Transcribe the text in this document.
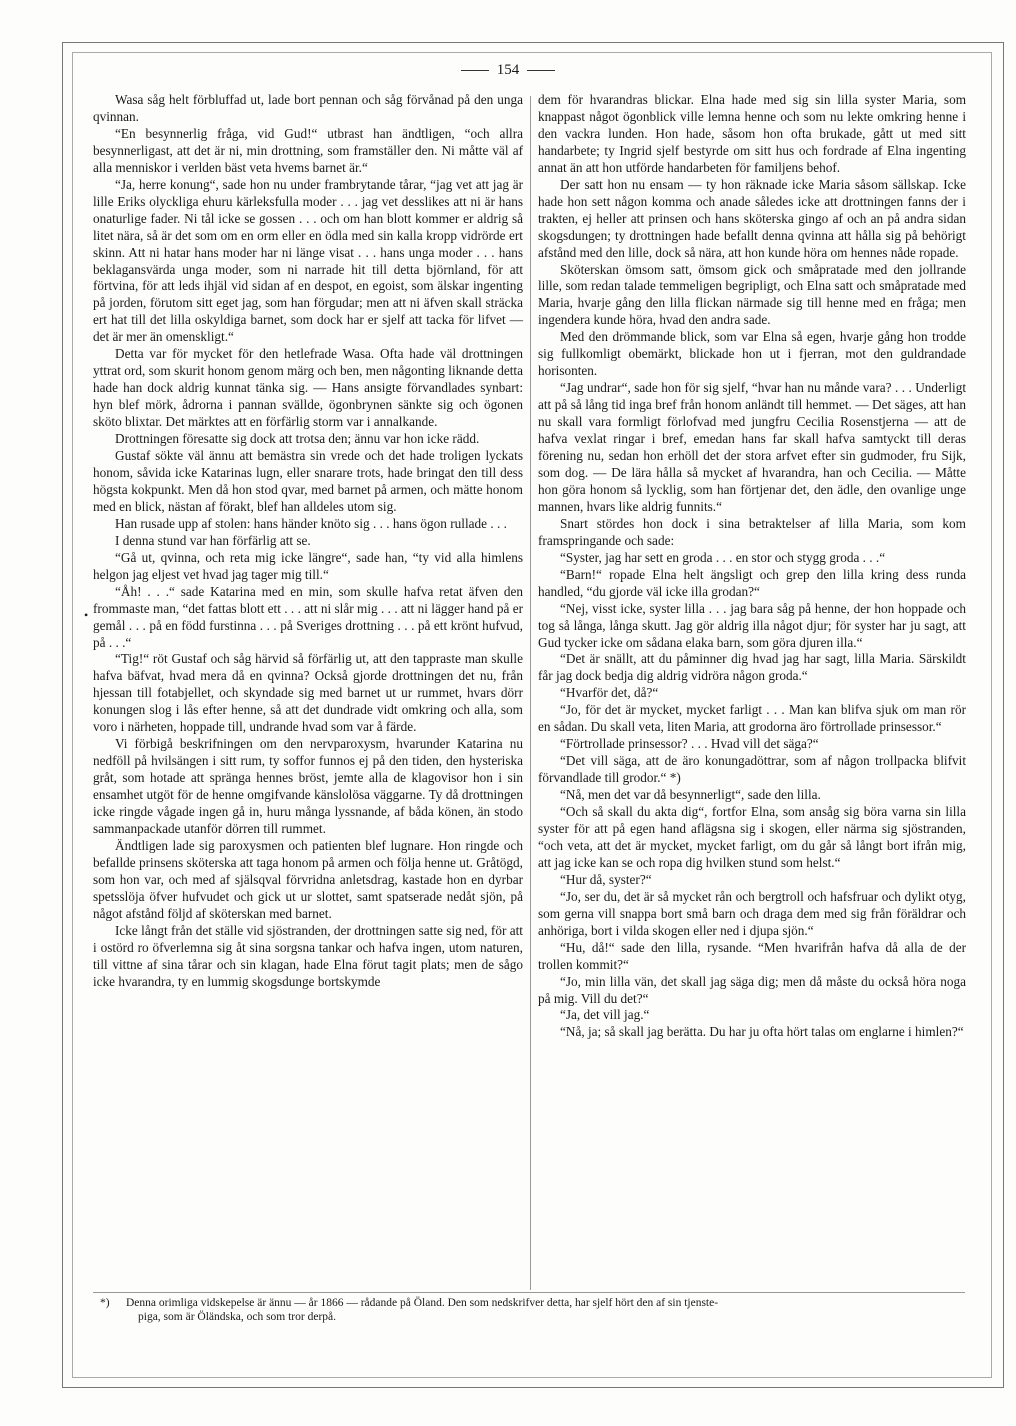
154

Wasa såg helt förbluffad ut, lade bort pennan och såg förvånad på den unga qvinnan.

“En besynnerlig fråga, vid Gud!“ utbrast han ändtligen, “och allra besynnerligast, att det är ni, min drottning, som framställer den. Ni måtte väl af alla menniskor i verlden bäst veta hvems barnet är.“

“Ja, herre konung“, sade hon nu under frambrytande tårar, “jag vet att jag är lille Eriks olyckliga ehuru kärleksfulla moder . . . jag vet desslikes att ni är hans onaturlige fader. Ni tål icke se gossen . . . och om han blott kommer er aldrig så litet nära, så är det som om en orm eller en ödla med sin kalla kropp vidrörde ert skinn. Att ni hatar hans moder har ni länge visat . . . hans unga moder . . . hans beklagansvärda unga moder, som ni narrade hit till detta björnland, för att förtvina, för att leds ihjäl vid sidan af en despot, en egoist, som älskar ingenting på jorden, förutom sitt eget jag, som han förgudar; men att ni äfven skall sträcka ert hat till det lilla oskyldiga barnet, som dock har er sjelf att tacka för lifvet — det är mer än omenskligt.“

Detta var för mycket för den hetlefrade Wasa. Ofta hade väl drottningen yttrat ord, som skurit honom genom märg och ben, men någonting liknande detta hade han dock aldrig kunnat tänka sig. — Hans ansigte förvandlades synbart: hyn blef mörk, ådrorna i pannan svällde, ögonbrynen sänkte sig och ögonen sköto blixtar. Det märktes att en förfärlig storm var i annalkande.

Drottningen föresatte sig dock att trotsa den; ännu var hon icke rädd.

Gustaf sökte väl ännu att bemästra sin vrede och det hade troligen lyckats honom, såvida icke Katarinas lugn, eller snarare trots, hade bringat den till dess högsta kokpunkt. Men då hon stod qvar, med barnet på armen, och mätte honom med en blick, nästan af förakt, blef han alldeles utom sig.

Han rusade upp af stolen: hans händer knöto sig . . . hans ögon rullade . . .

I denna stund var han förfärlig att se.

“Gå ut, qvinna, och reta mig icke längre“, sade han, “ty vid alla himlens helgon jag eljest vet hvad jag tager mig till.“

“Åh! . . .“ sade Katarina med en min, som skulle hafva retat äfven den frommaste man, “det fattas blott ett . . . att ni slår mig . . . att ni lägger hand på er gemål . . . på en född furstinna . . . på Sveriges drottning . . . på ett krönt hufvud, på . . .“

“Tig!“ röt Gustaf och såg härvid så förfärlig ut, att den tappraste man skulle hafva bäfvat, hvad mera då en qvinna? Också gjorde drottningen det nu, från hjessan till fotabjellet, och skyndade sig med barnet ut ur rummet, hvars dörr konungen slog i lås efter henne, så att det dundrade vidt omkring och alla, som voro i närheten, hoppade till, undrande hvad som var å färde.

Vi förbigå beskrifningen om den nervparoxysm, hvarunder Katarina nu nedföll på hvilsängen i sitt rum, ty soffor funnos ej på den tiden, den hysteriska gråt, som hotade att spränga hennes bröst, jemte alla de klagovisor hon i sin ensamhet utgöt för de henne omgifvande känslolösa väggarne. Ty då drottningen icke ringde vågade ingen gå in, huru många lyssnande, af båda könen, än stodo sammanpackade utanför dörren till rummet.

Ändtligen lade sig paroxysmen och patienten blef lugnare. Hon ringde och befallde prinsens sköterska att taga honom på armen och följa henne ut. Gråtögd, som hon var, och med af själsqval förvridna anletsdrag, kastade hon en dyrbar spetsslöja öfver hufvudet och gick ut ur slottet, samt spatserade nedåt sjön, på något afstånd följd af sköterskan med barnet.

Icke långt från det ställe vid sjöstranden, der drottningen satte sig ned, för att i ostörd ro öfverlemna sig åt sina sorgsna tankar och hafva ingen, utom naturen, till vittne af sina tårar och sin klagan, hade Elna förut tagit plats; men de sågo icke hvarandra, ty en lummig skogsdunge bortskymde

dem för hvarandras blickar. Elna hade med sig sin lilla syster Maria, som knappast något ögonblick ville lemna henne och som nu lekte omkring henne i den vackra lunden. Hon hade, såsom hon ofta brukade, gått ut med sitt handarbete; ty Ingrid sjelf bestyrde om sitt hus och fordrade af Elna ingenting annat än att hon utförde handarbeten för familjens behof.

Der satt hon nu ensam — ty hon räknade icke Maria såsom sällskap. Icke hade hon sett någon komma och anade således icke att drottningen fanns der i trakten, ej heller att prinsen och hans sköterska gingo af och an på andra sidan skogsdungen; ty drottningen hade befallt denna qvinna att hålla sig på behörigt afstånd med den lille, dock så nära, att hon kunde höra om hennes nåde ropade.

Sköterskan ömsom satt, ömsom gick och småpratade med den jollrande lille, som redan talade temmeligen begripligt, och Elna satt och småpratade med Maria, hvarje gång den lilla flickan närmade sig till henne med en fråga; men ingendera kunde höra, hvad den andra sade.

Med den drömmande blick, som var Elna så egen, hvarje gång hon trodde sig fullkomligt obemärkt, blickade hon ut i fjerran, mot den guldrandade horisonten.

“Jag undrar“, sade hon för sig sjelf, “hvar han nu månde vara? . . . Underligt att på så lång tid inga bref från honom anländt till hemmet. — Det säges, att han nu skall vara formligt förlofvad med jungfru Cecilia Rosenstjerna — att de hafva vexlat ringar i bref, emedan hans far skall hafva samtyckt till deras förening nu, sedan hon erhöll det der stora arfvet efter sin gudmoder, fru Sijk, som dog. — De lära hålla så mycket af hvarandra, han och Cecilia. — Måtte hon göra honom så lycklig, som han förtjenar det, den ädle, den ovanlige unge mannen, hvars like aldrig funnits.“

Snart stördes hon dock i sina betraktelser af lilla Maria, som kom framspringande och sade:

“Syster, jag har sett en groda . . . en stor och stygg groda . . .“

“Barn!“ ropade Elna helt ängsligt och grep den lilla kring dess runda handled, “du gjorde väl icke illa grodan?“

“Nej, visst icke, syster lilla . . . jag bara såg på henne, der hon hoppade och tog så långa, långa skutt. Jag gör aldrig illa något djur; för syster har ju sagt, att Gud tycker icke om sådana elaka barn, som göra djuren illa.“

“Det är snällt, att du påminner dig hvad jag har sagt, lilla Maria. Särskildt får jag dock bedja dig aldrig vidröra någon groda.“

“Hvarför det, då?“

“Jo, för det är mycket, mycket farligt . . . Man kan blifva sjuk om man rör en sådan. Du skall veta, liten Maria, att grodorna äro förtrollade prinsessor.“

“Förtrollade prinsessor? . . . Hvad vill det säga?“

“Det vill säga, att de äro konungadöttrar, som af någon trollpacka blifvit förvandlade till grodor.“ *)

“Nå, men det var då besynnerligt“, sade den lilla.

“Och så skall du akta dig“, fortfor Elna, som ansåg sig böra varna sin lilla syster för att på egen hand aflägsna sig i skogen, eller närma sig sjöstranden, “och veta, att det är mycket, mycket farligt, om du går så långt bort ifrån mig, att jag icke kan se och ropa dig hvilken stund som helst.“

“Hur då, syster?“

“Jo, ser du, det är så mycket rån och bergtroll och hafsfruar och dylikt otyg, som gerna vill snappa bort små barn och draga dem med sig från föräldrar och anhöriga, bort i vilda skogen eller ned i djupa sjön.“

“Hu, då!“ sade den lilla, rysande. “Men hvarifrån hafva då alla de der trollen kommit?“

“Jo, min lilla vän, det skall jag säga dig; men då måste du också höra noga på mig. Vill du det?“

“Ja, det vill jag.“

“Nå, ja; så skall jag berätta. Du har ju ofta hört talas om englarne i himlen?“

•
*) Denna orimliga vidskepelse är ännu — år 1866 — rådande på Öland. Den som nedskrifver detta, har sjelf hört den af sin tjenste-
piga, som är Öländska, och som tror derpå.
